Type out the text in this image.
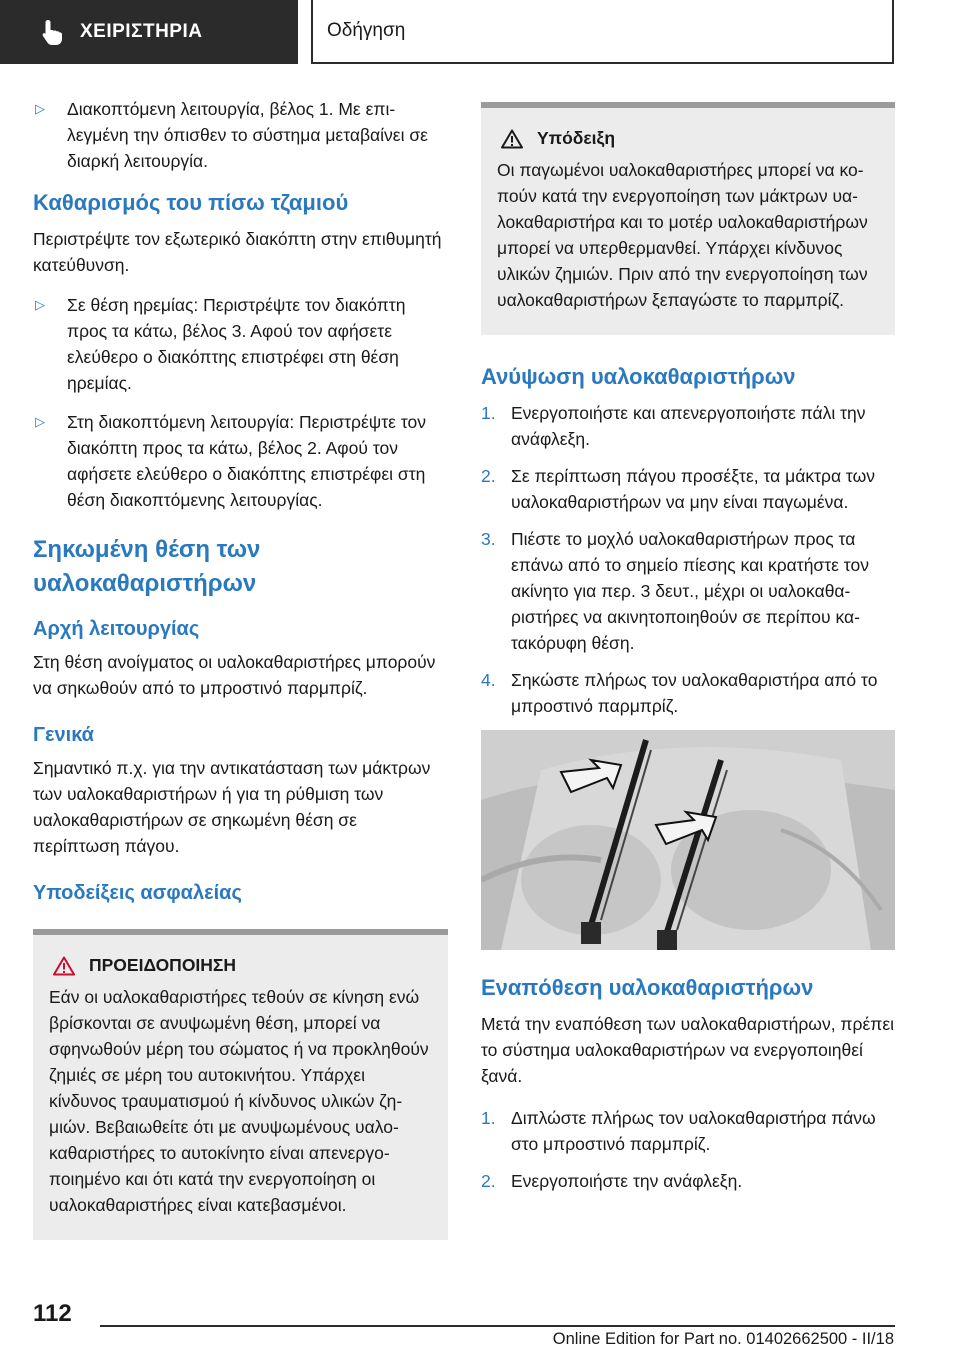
ΧΕΙΡΙΣΤΗΡΙΑ	Οδήγηση
▷	Διακοπτόμενη λειτουργία, βέλος 1. Με επιλεγμένη την όπισθεν το σύστημα μεταβαίνει σε διαρκή λειτουργία.

Καθαρισμός του πίσω τζαμιού

Περιστρέψτε τον εξωτερικό διακόπτη στην επιθυμητή κατεύθυνση.

▷	Σε θέση ηρεμίας: Περιστρέψτε τον διακόπτη προς τα κάτω, βέλος 3. Αφού τον αφήσετε ελεύθερο ο διακόπτης επιστρέφει στη θέση ηρεμίας.

▷	Στη διακοπτόμενη λειτουργία: Περιστρέψτε τον διακόπτη προς τα κάτω, βέλος 2. Αφού τον αφήσετε ελεύθερο ο διακόπτης επιστρέφει στη θέση διακοπτόμενης λειτουργίας.

Σηκωμένη θέση των υαλοκαθαριστήρων
Αρχή λειτουργίας

Στη θέση ανοίγματος οι υαλοκαθαριστήρες μπορούν να σηκωθούν από το μπροστινό παρμπρίζ.

Γενικά

Σημαντικό π.χ. για την αντικατάσταση των μάκτρων των υαλοκαθαριστήρων ή για τη ρύθμιση των υαλοκαθαριστήρων σε σηκωμένη θέση σε περίπτωση πάγου.

Υποδείξεις ασφαλείας
ΠΡΟΕΙΔΟΠΟΙΗΣΗ

Εάν οι υαλοκαθαριστήρες τεθούν σε κίνηση ενώ βρίσκονται σε ανυψωμένη θέση, μπορεί να σφηνωθούν μέρη του σώματος ή να προκληθούν ζημιές σε μέρη του αυτοκινήτου. Υπάρχει κίνδυνος τραυματισμού ή κίνδυνος υλικών ζημιών. Βεβαιωθείτε ότι με ανυψωμένους υαλοκαθαριστήρες το αυτοκίνητο είναι απενεργοποιημένο και ότι κατά την ενεργοποίηση οι υαλοκαθαριστήρες είναι κατεβασμένοι.

Υπόδειξη

Οι παγωμένοι υαλοκαθαριστήρες μπορεί να κοπούν κατά την ενεργοποίηση των μάκτρων υαλοκαθαριστήρα και το μοτέρ υαλοκαθαριστήρων μπορεί να υπερθερμανθεί. Υπάρχει κίνδυνος υλικών ζημιών. Πριν από την ενεργοποίηση των υαλοκαθαριστήρων ξεπαγώστε το παρμπρίζ.

Ανύψωση υαλοκαθαριστήρων
1. Ενεργοποιήστε και απενεργοποιήστε πάλι την ανάφλεξη.

2. Σε περίπτωση πάγου προσέξτε, τα μάκτρα των υαλοκαθαριστήρων να μην είναι παγωμένα.

3. Πιέστε το μοχλό υαλοκαθαριστήρων προς τα επάνω από το σημείο πίεσης και κρατήστε τον ακίνητο για περ. 3 δευτ., μέχρι οι υαλοκαθαριστήρες να ακινητοποιηθούν σε περίπου κατακόρυφη θέση.

4. Σηκώστε πλήρως τον υαλοκαθαριστήρα από το μπροστινό παρμπρίζ.

Εναπόθεση υαλοκαθαριστήρων

Μετά την εναπόθεση των υαλοκαθαριστήρων, πρέπει το σύστημα υαλοκαθαριστήρων να ενεργοποιηθεί ξανά.

1. Διπλώστε πλήρως τον υαλοκαθαριστήρα πάνω στο μπροστινό παρμπρίζ.

2. Ενεργοποιήστε την ανάφλεξη.

112
Online Edition for Part no. 01402662500 - II/18
